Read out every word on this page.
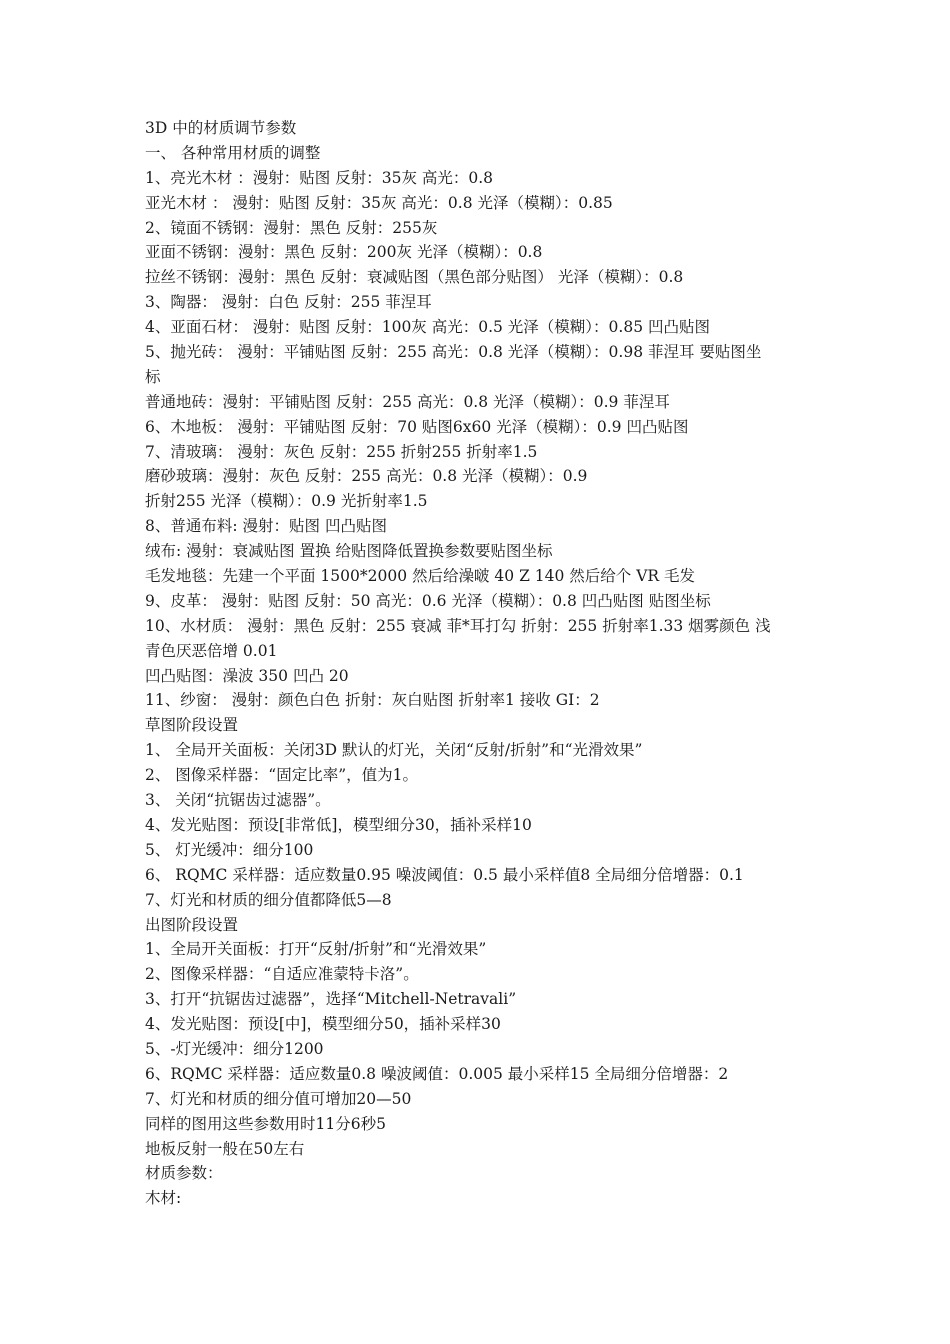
3D 中的材质调节参数
一、 各种常用材质的调整
1、亮光木材 ：漫射：贴图 反射：35灰 高光：0.8
亚光木材 ： 漫射：贴图 反射：35灰 高光：0.8 光泽（模糊）：0.85
2、镜面不锈钢：漫射：黑色 反射：255灰
亚面不锈钢：漫射：黑色 反射：200灰 光泽（模糊）：0.8
拉丝不锈钢：漫射：黑色 反射：衰减贴图（黑色部分贴图） 光泽（模糊）：0.8
3、陶器： 漫射：白色 反射：255 菲涅耳
4、亚面石材： 漫射：贴图 反射：100灰 高光：0.5 光泽（模糊）：0.85 凹凸贴图
5、抛光砖： 漫射：平铺贴图 反射：255 高光：0.8 光泽（模糊）：0.98 菲涅耳 要贴图坐
标
普通地砖：漫射：平铺贴图 反射：255 高光：0.8 光泽（模糊）：0.9 菲涅耳
6、木地板： 漫射：平铺贴图 反射：70 贴图6x60 光泽（模糊）：0.9 凹凸贴图
7、清玻璃： 漫射：灰色 反射：255 折射255 折射率1.5
磨砂玻璃：漫射：灰色 反射：255 高光：0.8 光泽（模糊）：0.9
折射255 光泽（模糊）：0.9 光折射率1.5
8、普通布料: 漫射：贴图 凹凸贴图
绒布: 漫射：衰减贴图 置换 给贴图降低置换参数要贴图坐标
毛发地毯：先建一个平面 1500*2000 然后给澡啵 40 Z 140 然后给个 VR 毛发
9、皮革： 漫射：贴图 反射：50 高光：0.6 光泽（模糊）：0.8 凹凸贴图 贴图坐标
10、水材质： 漫射：黑色 反射：255 衰减 菲*耳打勾 折射：255 折射率1.33 烟雾颜色 浅
青色厌恶倍增 0.01
凹凸贴图：澡波 350 凹凸 20
11、纱窗： 漫射：颜色白色 折射：灰白贴图 折射率1 接收 GI：2
草图阶段设置
1、 全局开关面板：关闭3D 默认的灯光，关闭“反射/折射”和“光滑效果”
2、 图像采样器：“固定比率”，值为1。
3、 关闭“抗锯齿过滤器”。
4、发光贴图：预设[非常低]，模型细分30，插补采样10
5、 灯光缓冲：细分100
6、 RQMC 采样器：适应数量0.95 噪波阈值：0.5 最小采样值8 全局细分倍增器：0.1
7、灯光和材质的细分值都降低5—8
出图阶段设置
1、全局开关面板：打开“反射/折射”和“光滑效果”
2、图像采样器：“自适应准蒙特卡洛”。
3、打开“抗锯齿过滤器”，选择“Mitchell-Netravali”
4、发光贴图：预设[中]，模型细分50，插补采样30
5、-灯光缓冲：细分1200
6、RQMC 采样器：适应数量0.8 噪波阈值：0.005 最小采样15 全局细分倍增器：2
7、灯光和材质的细分值可增加20—50
同样的图用这些参数用时11分6秒5
地板反射一般在50左右
材质参数：
木材:
